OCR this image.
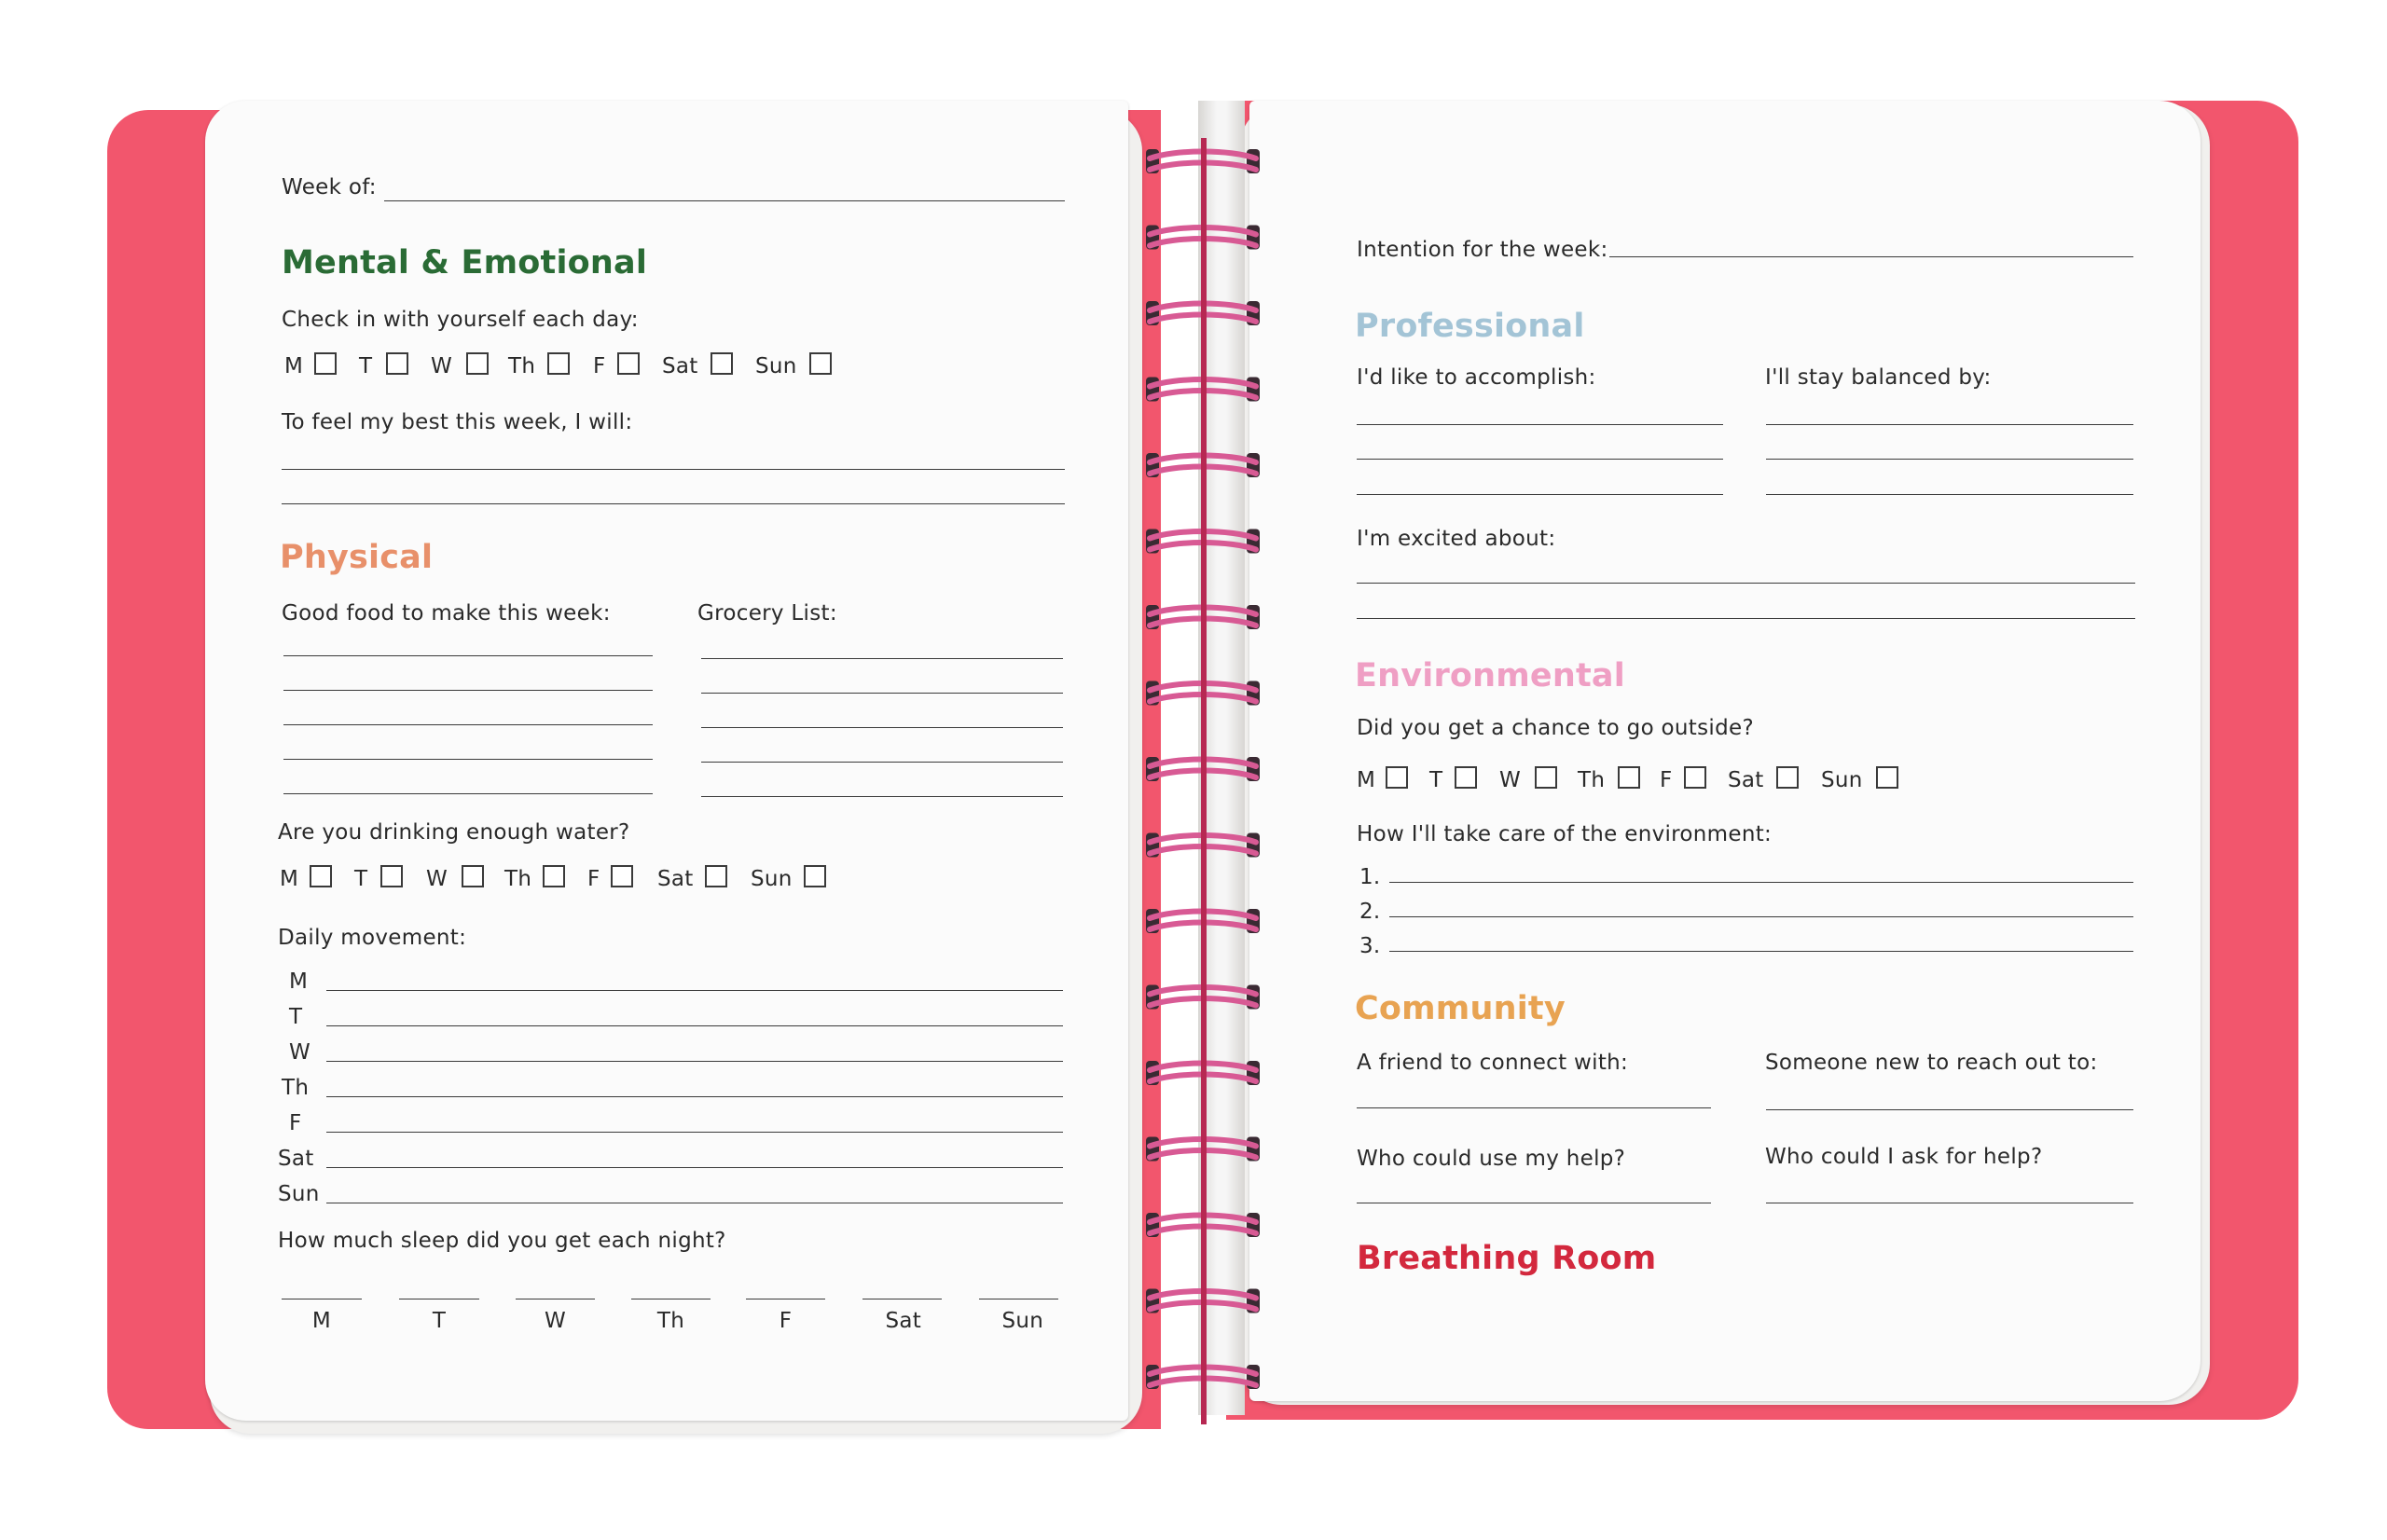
Week of:
Mental & Emotional
Check in with yourself each day:
M	T	W	Th	F	Sat	Sun
To feel my best this week, I will:
Physical
Good food to make this week:	Grocery List:
Are you drinking enough water?
M	T	W	Th	F	Sat	Sun
Daily movement:
M
T
W
Th
F
Sat
Sun
How much sleep did you get each night?
M	T	W	Th	F	Sat	Sun
Intention for the week:
Professional
I'd like to accomplish:	I'll stay balanced by:
I'm excited about:
Environmental
Did you get a chance to go outside?
M	T	W	Th	F	Sat	Sun
How I'll take care of the environment:
1.
2.
3.
Community
A friend to connect with:	Someone new to reach out to:
Who could use my help?	Who could I ask for help?
Breathing Room
